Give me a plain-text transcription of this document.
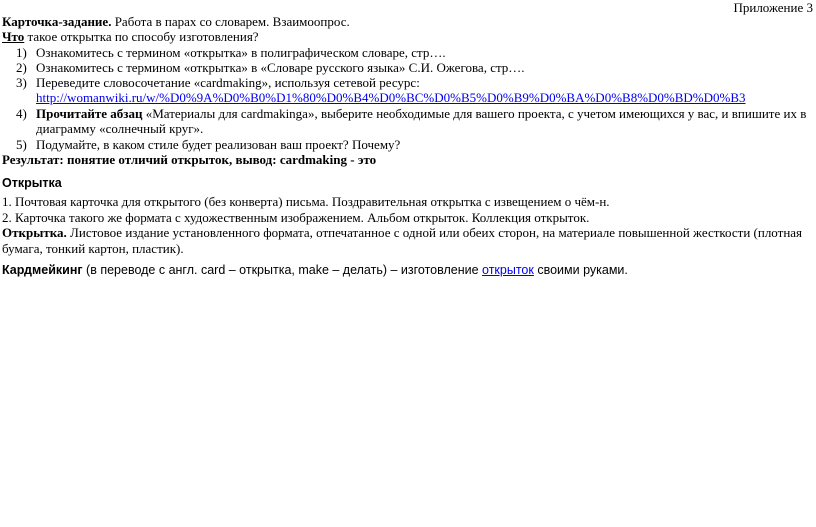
Приложение 3
Карточка-задание. Работа в парах со словарем. Взаимоопрос.
Что такое открытка по способу изготовления?
1) Ознакомитесь с термином «открытка» в полиграфическом словаре, стр….
2) Ознакомитесь с термином «открытка» в «Словаре русского языка» С.И. Ожегова, стр….
3) Переведите словосочетание «cardmaking», используя сетевой ресурс:
http://womanwiki.ru/w/%D0%9A%D0%B0%D1%80%D0%B4%D0%BC%D0%B5%D0%B9%D0%BA%D0%B8%D0%BD%D0%B3
4) Прочитайте абзац «Материалы для cardmakinga», выберите необходимые для вашего проекта, с учетом имеющихся у вас, и впишите их в
диаграмму «солнечный круг».
5) Подумайте, в каком стиле будет реализован ваш проект? Почему?
Результат: понятие отличий открыток, вывод: cardmaking - это
Открытка
1. Почтовая карточка для открытого (без конверта) письма. Поздравительная открытка с извещением о чём-н.
2. Карточка такого же формата с художественным изображением. Альбом открыток. Коллекция открыток.
Открытка. Листовое издание установленного формата, отпечатанное с одной или обеих сторон, на материале повышенной жесткости (плотная
бумага, тонкий картон, пластик).
Кардмейкинг (в переводе с англ. card – открытка, make – делать) – изготовление открыток своими руками.
